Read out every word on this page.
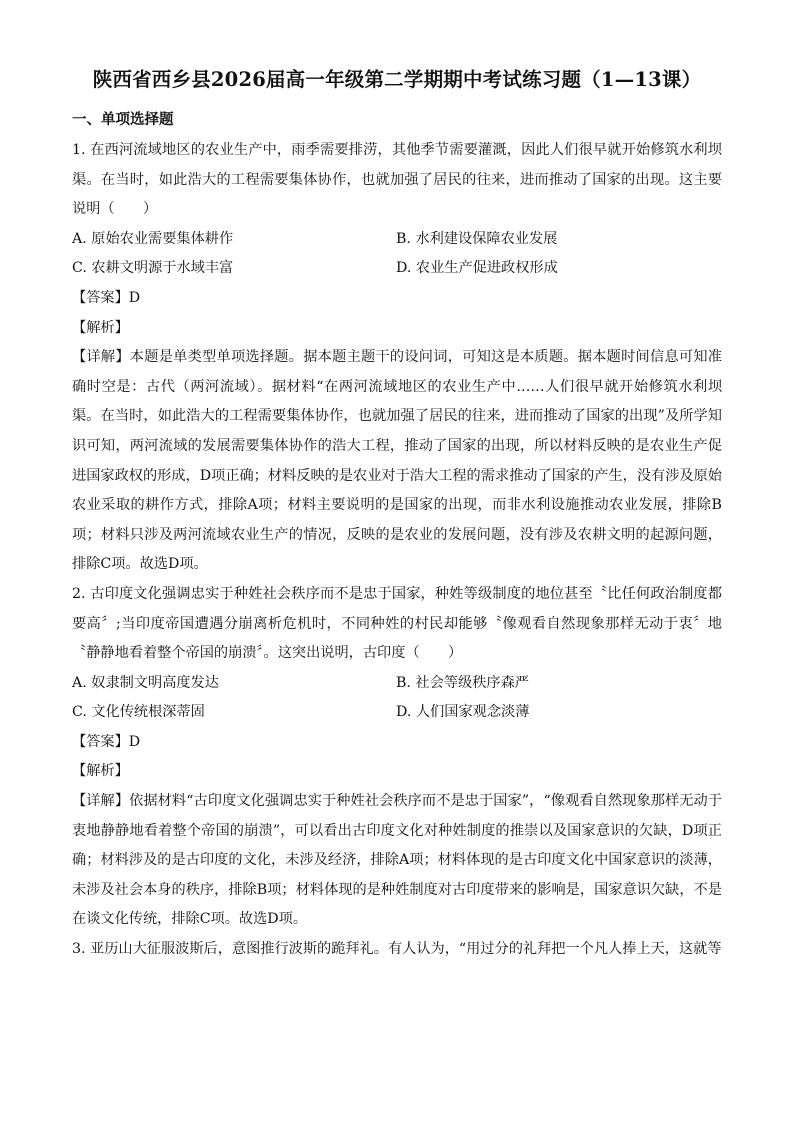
陕西省西乡县2026届高一年级第二学期期中考试练习题（1—13课）
一、单项选择题

1. 在西河流域地区的农业生产中，雨季需要排涝，其他季节需要灌溉，因此人们很早就开始修筑水利坝渠。在当时，如此浩大的工程需要集体协作，也就加强了居民的往来，进而推动了国家的出现。这主要说明（　　）

A. 原始农业需要集体耕作	B. 水利建设保障农业发展
C. 农耕文明源于水域丰富	D. 农业生产促进政权形成

【答案】D

【解析】

【详解】本题是单类型单项选择题。据本题主题干的设问词，可知这是本质题。据本题时间信息可知准确时空是：古代（两河流域）。据材料“在两河流域地区的农业生产中……人们很早就开始修筑水利坝渠。在当时，如此浩大的工程需要集体协作，也就加强了居民的往来，进而推动了国家的出现”及所学知识可知，两河流域的发展需要集体协作的浩大工程，推动了国家的出现，所以材料反映的是农业生产促进国家政权的形成，D项正确；材料反映的是农业对于浩大工程的需求推动了国家的产生，没有涉及原始农业采取的耕作方式，排除A项；材料主要说明的是国家的出现，而非水利设施推动农业发展，排除B项；材料只涉及两河流域农业生产的情况，反映的是农业的发展问题，没有涉及农耕文明的起源问题，排除C项。故选D项。

2. 古印度文化强调忠实于种姓社会秩序而不是忠于国家，种姓等级制度的地位甚至〝比任何政治制度都要高〞;当印度帝国遭遇分崩离析危机时，不同种姓的村民却能够〝像观看自然现象那样无动于衷〞地〝静静地看着整个帝国的崩溃〞。这突出说明，古印度（　　）

A. 奴隶制文明高度发达	B. 社会等级秩序森严
C. 文化传统根深蒂固	D. 人们国家观念淡薄

【答案】D

【解析】

【详解】依据材料“古印度文化强调忠实于种姓社会秩序而不是忠于国家”，“像观看自然现象那样无动于衷地静静地看着整个帝国的崩溃”，可以看出古印度文化对种姓制度的推崇以及国家意识的欠缺，D项正确；材料涉及的是古印度的文化，未涉及经济，排除A项；材料体现的是古印度文化中国家意识的淡薄，未涉及社会本身的秩序，排除B项；材料体现的是种姓制度对古印度带来的影响是，国家意识欠缺，不是在谈文化传统，排除C项。故选D项。

3. 亚历山大征服波斯后，意图推行波斯的跪拜礼。有人认为，“用过分的礼拜把一个凡人捧上天，这就等
